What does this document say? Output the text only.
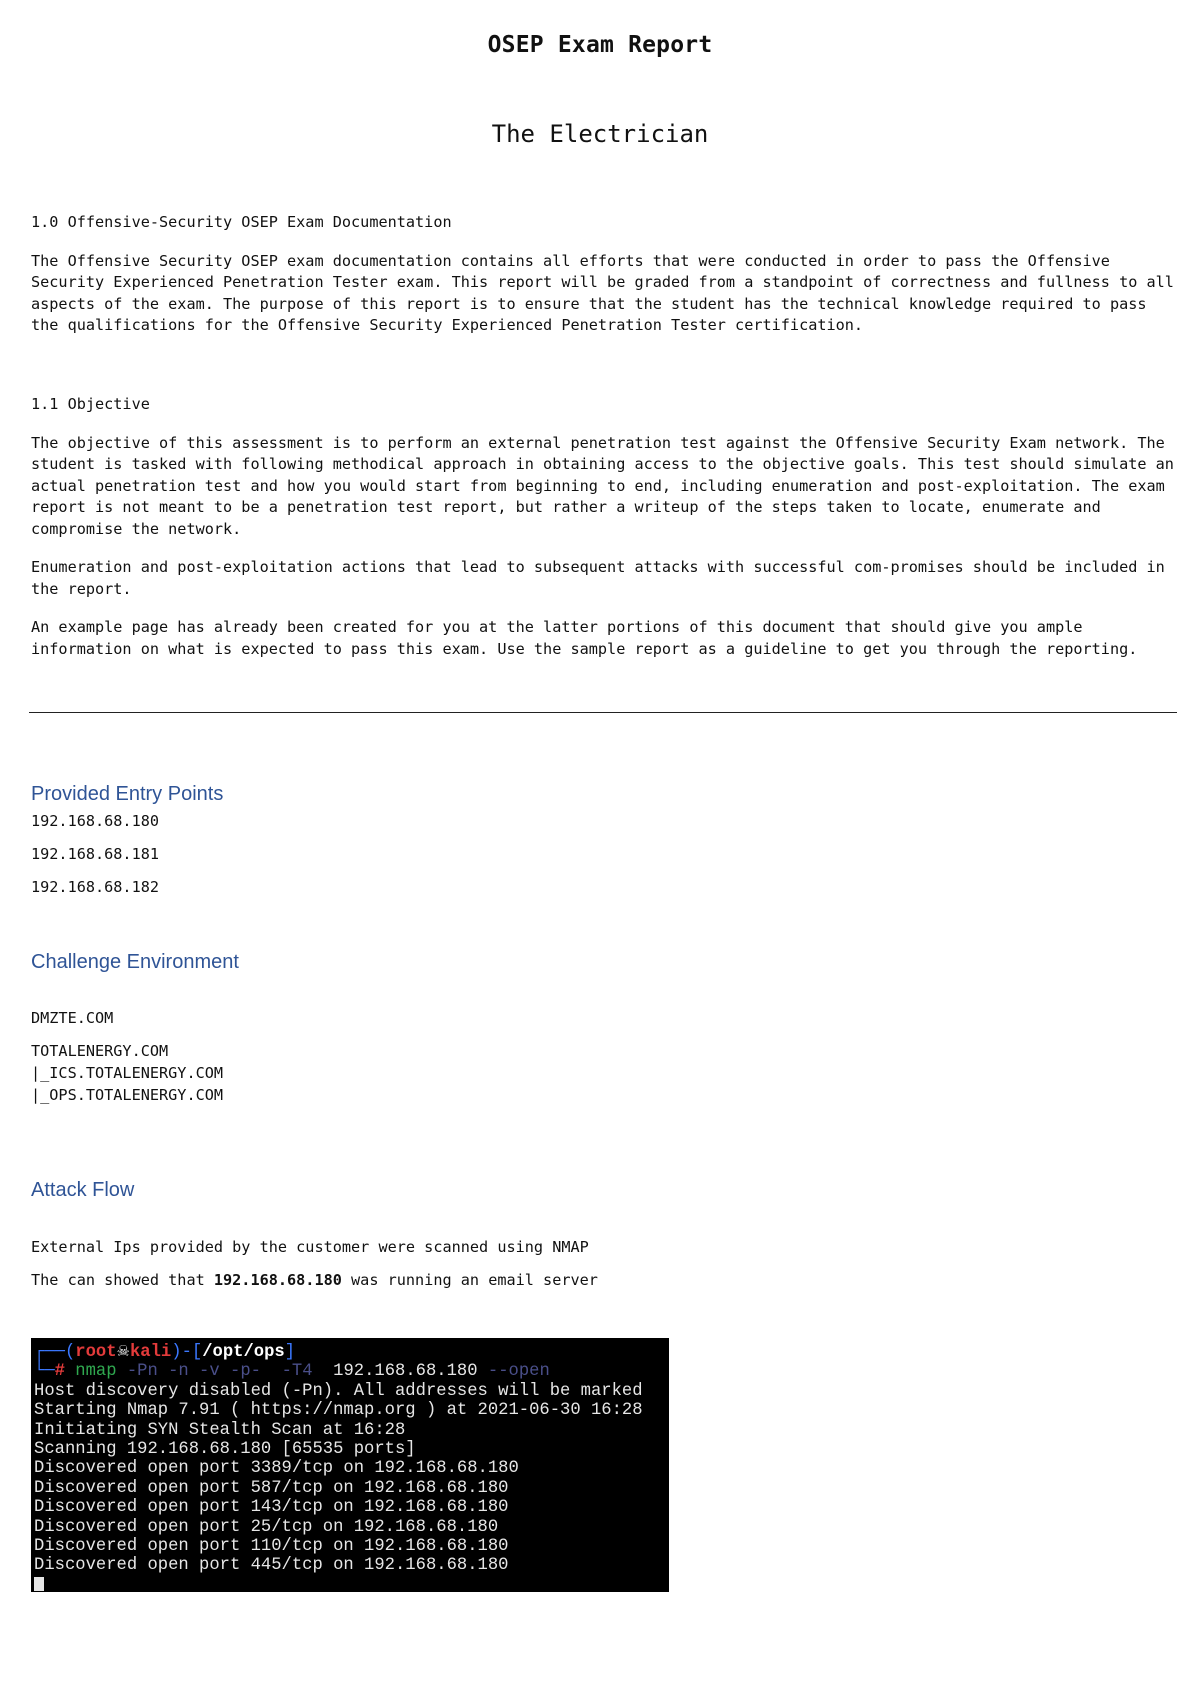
OSEP Exam Report
The Electrician
1.0 Offensive-Security OSEP Exam Documentation

The Offensive Security OSEP exam documentation contains all efforts that were conducted in order to pass the Offensive Security Experienced Penetration Tester exam. This report will be graded from a standpoint of correctness and fullness to all aspects of the exam. The purpose of this report is to ensure that the student has the technical knowledge required to pass the qualifications for the Offensive Security Experienced Penetration Tester certification.

1.1 Objective

The objective of this assessment is to perform an external penetration test against the Offensive Security Exam network. The student is tasked with following methodical approach in obtaining access to the objective goals. This test should simulate an actual penetration test and how you would start from beginning to end, including enumeration and post-exploitation. The exam report is not meant to be a penetration test report, but rather a writeup of the steps taken to locate, enumerate and compromise the network.

Enumeration and post-exploitation actions that lead to subsequent attacks with successful com-promises should be included in the report.

An example page has already been created for you at the latter portions of this document that should give you ample information on what is expected to pass this exam. Use the sample report as a guideline to get you through the reporting.

Provided Entry Points
192.168.68.180
192.168.68.181
192.168.68.182
Challenge Environment
DMZTE.COM
TOTALENERGY.COM
|_ICS.TOTALENERGY.COM
|_OPS.TOTALENERGY.COM
Attack Flow
External Ips provided by the customer were scanned using NMAP
The can showed that 192.168.68.180 was running an email server
┌──(root☠kali)-[/opt/ops]
└─# nmap -Pn -n -v -p-  -T4  192.168.68.180 --open
Host discovery disabled (-Pn). All addresses will be marked
Starting Nmap 7.91 ( https://nmap.org ) at 2021-06-30 16:28
Initiating SYN Stealth Scan at 16:28
Scanning 192.168.68.180 [65535 ports]
Discovered open port 3389/tcp on 192.168.68.180
Discovered open port 587/tcp on 192.168.68.180
Discovered open port 143/tcp on 192.168.68.180
Discovered open port 25/tcp on 192.168.68.180
Discovered open port 110/tcp on 192.168.68.180
Discovered open port 445/tcp on 192.168.68.180
